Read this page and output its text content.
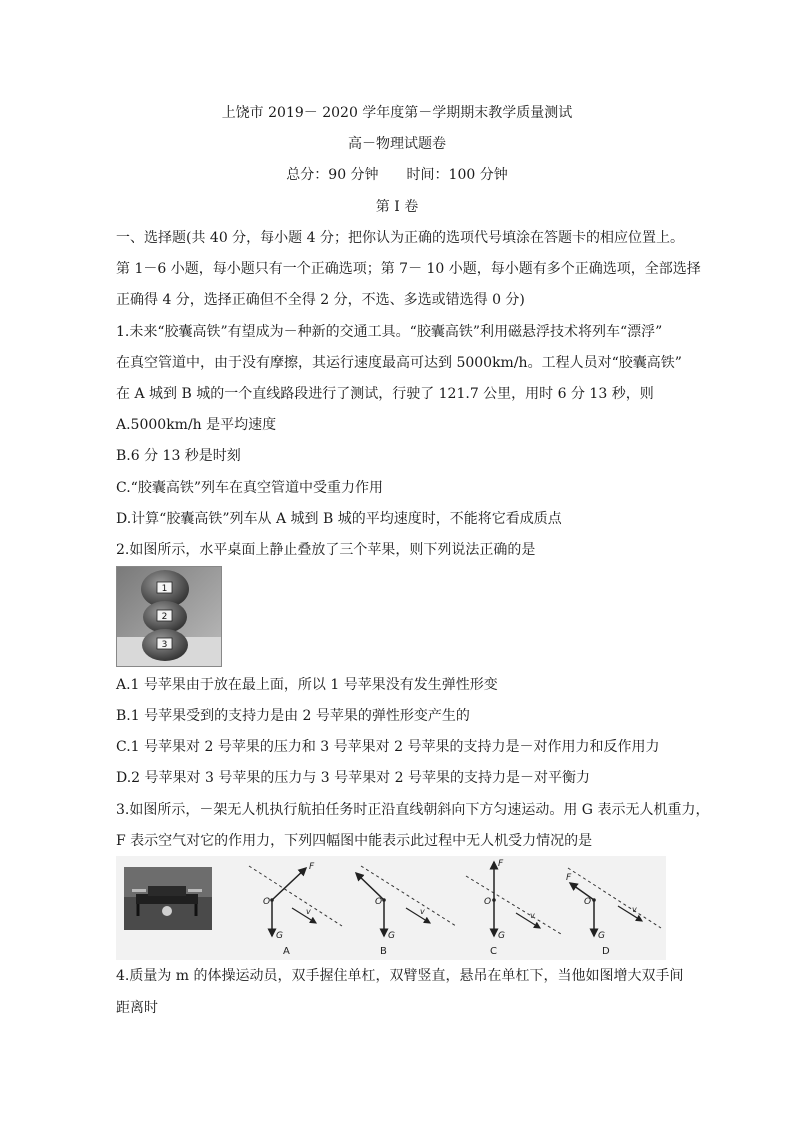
上饶市 2019－ 2020 学年度第－学期期末教学质量测试
高－物理试题卷
总分：90 分钟　　时间：100 分钟
第 I 卷
一、选择题(共 40 分，每小题 4 分；把你认为正确的选项代号填涂在答题卡的相应位置上。
第 1－6 小题，每小题只有一个正确选项；第 7－ 10 小题，每小题有多个正确选项，全部选择
正确得 4 分，选择正确但不全得 2 分，不选、多选或错选得 0 分)
1.未来“胶囊高铁”有望成为－种新的交通工具。“胶囊高铁”利用磁悬浮技术将列车“漂浮”
在真空管道中，由于没有摩擦，其运行速度最高可达到 5000km/h。工程人员对“胶囊高铁”
在 A 城到 B 城的一个直线路段进行了测试，行驶了 121.7 公里，用时 6 分 13 秒，则
A.5000km/h 是平均速度
B.6 分 13 秒是时刻
C.“胶囊高铁”列车在真空管道中受重力作用
D.计算“胶囊高铁”列车从 A 城到 B 城的平均速度时，不能将它看成质点
2.如图所示，水平桌面上静止叠放了三个苹果，则下列说法正确的是
1
2
3
A.1 号苹果由于放在最上面，所以 1 号苹果没有发生弹性形变
B.1 号苹果受到的支持力是由 2 号苹果的弹性形变产生的
C.1 号苹果对 2 号苹果的压力和 3 号苹果对 2 号苹果的支持力是－对作用力和反作用力
D.2 号苹果对 3 号苹果的压力与 3 号苹果对 2 号苹果的支持力是－对平衡力
3.如图所示，－架无人机执行航拍任务时正沿直线朝斜向下方匀速运动。用 G 表示无人机重力，
F 表示空气对它的作用力，下列四幅图中能表示此过程中无人机受力情况的是
O
G
F
v
A
O
G
v
B
O
G
F
v
C
O
G
F
v
D
4.质量为 m 的体操运动员，双手握住单杠，双臂竖直，悬吊在单杠下，当他如图增大双手间
距离时
